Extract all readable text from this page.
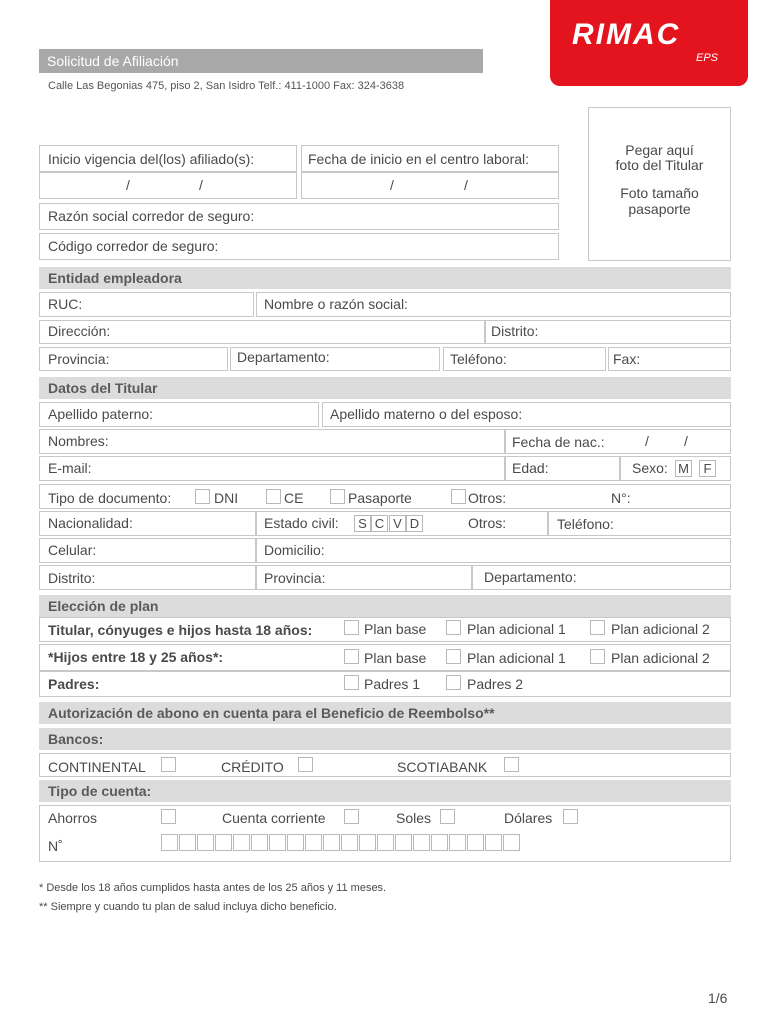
Solicitud de Afiliación
Calle Las Begonias 475, piso 2, San Isidro Telf.: 411-1000 Fax: 324-3638
RIMAC
EPS
Pegar aquí
foto del Titular
Foto tamaño
pasaporte
Inicio vigencia del(los) afiliado(s):
/	/
Fecha de inicio en el centro laboral:
/	/
Razón social corredor de seguro:
Código corredor de seguro:
Entidad empleadora
RUC:	Nombre o razón social:
Dirección:	Distrito:
Provincia:	Departamento:	Teléfono:	Fax:
Datos del Titular
Apellido paterno:	Apellido materno o del esposo:
Nombres:	Fecha de nac.:	/	/
E-mail:	Edad:	Sexo: M	F
Tipo de documento:	DNI	CE	Pasaporte	Otros:	N°:
Nacionalidad:	Estado civil:	S C V D	Otros:	Teléfono:
Celular:	Domicilio:
Distrito:	Provincia:	Departamento:
Elección de plan
Titular, cónyuges e hijos hasta 18 años:	Plan base	Plan adicional 1	Plan adicional 2
*Hijos entre 18 y 25 años*:	Plan base	Plan adicional 1	Plan adicional 2
Padres:	Padres 1	Padres 2
Autorización de abono en cuenta para el Beneficio de Reembolso**
Bancos:
CONTINENTAL	CRÉDITO	SCOTIABANK
Tipo de cuenta:
Ahorros	Cuenta corriente	Soles	Dólares
N˚
* Desde los 18 años cumplidos hasta antes de los 25 años y 11 meses.
** Siempre y cuando tu plan de salud incluya dicho beneficio.
1/6
